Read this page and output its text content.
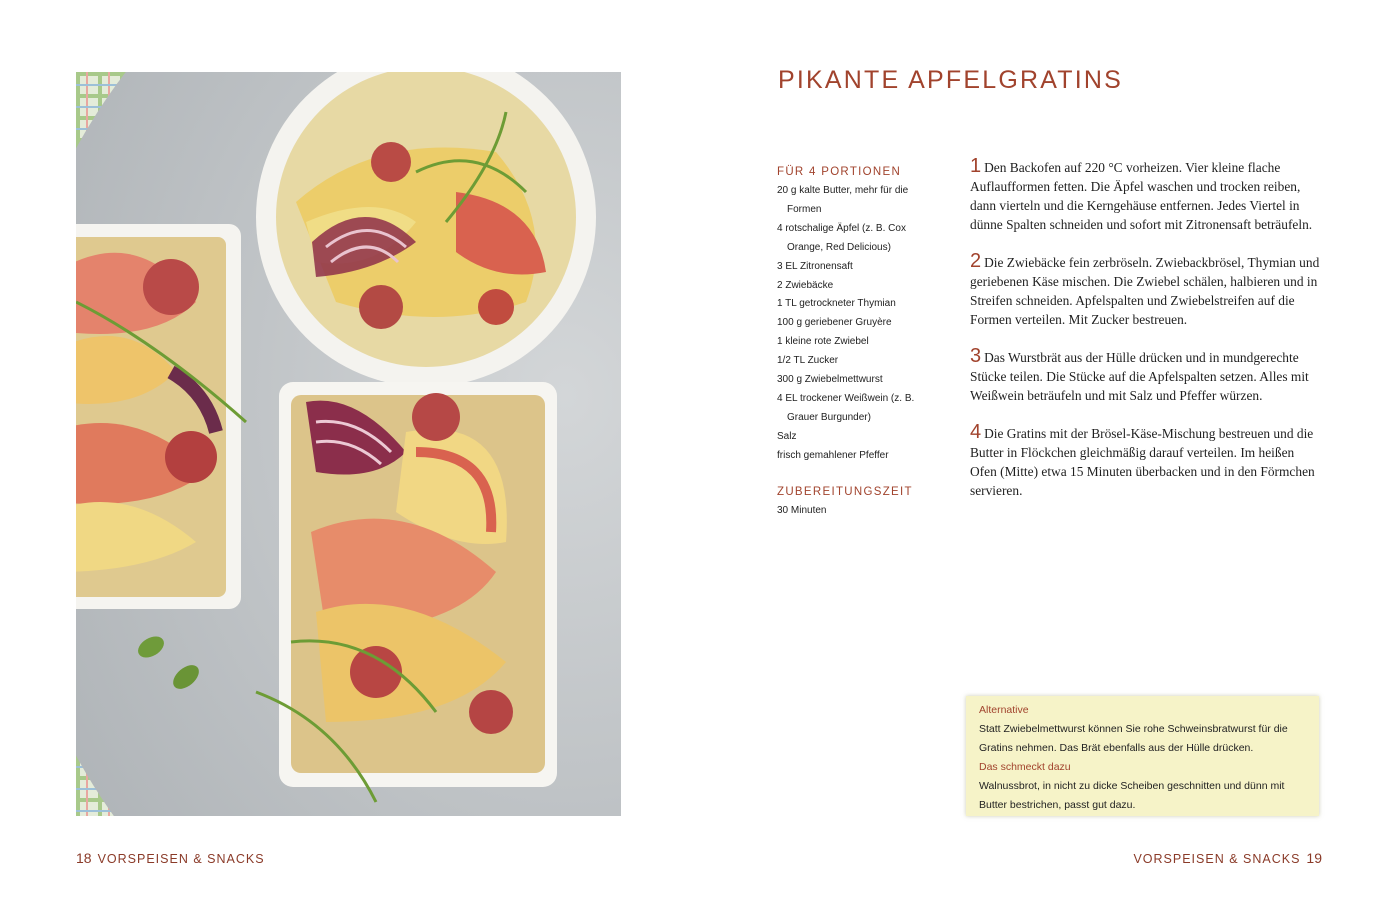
PIKANTE APFELGRATINS
FÜR 4 PORTIONEN
20 g kalte Butter, mehr für die
Formen
4 rotschalige Äpfel (z. B. Cox
Orange, Red Delicious)
3 EL Zitronensaft
2 Zwiebäcke
1 TL getrockneter Thymian
100 g geriebener Gruyère
1 kleine rote Zwiebel
1/2 TL Zucker
300 g Zwiebelmettwurst
4 EL trockener Weißwein (z. B.
Grauer Burgunder)
Salz
frisch gemahlener Pfeffer
ZUBEREITUNGSZEIT
30 Minuten

1 Den Backofen auf 220 °C vorheizen. Vier kleine flache Auflaufformen fetten. Die Äpfel waschen und trocken reiben, dann vierteln und die Kerngehäuse entfernen. Jedes Viertel in dünne Spalten schneiden und sofort mit Zitronensaft beträufeln.

2 Die Zwiebäcke fein zerbröseln. Zwiebackbrösel, Thymian und geriebenen Käse mischen. Die Zwiebel schälen, halbieren und in Streifen schneiden. Apfelspalten und Zwiebelstreifen auf die Formen verteilen. Mit Zucker bestreuen.

3 Das Wurstbrät aus der Hülle drücken und in mundgerechte Stücke teilen. Die Stücke auf die Apfelspalten setzen. Alles mit Weißwein beträufeln und mit Salz und Pfeffer würzen.

4 Die Gratins mit der Brösel-Käse-Mischung bestreuen und die Butter in Flöckchen gleichmäßig darauf verteilen. Im heißen Ofen (Mitte) etwa 15 Minuten überbacken und in den Förmchen servieren.

Alternative
Statt Zwiebelmettwurst können Sie rohe Schweinsbratwurst für die Gratins nehmen. Das Brät ebenfalls aus der Hülle drücken.
Das schmeckt dazu
Walnussbrot, in nicht zu dicke Scheiben geschnitten und dünn mit Butter bestrichen, passt gut dazu.
18 VORSPEISEN & SNACKS	VORSPEISEN & SNACKS 19
